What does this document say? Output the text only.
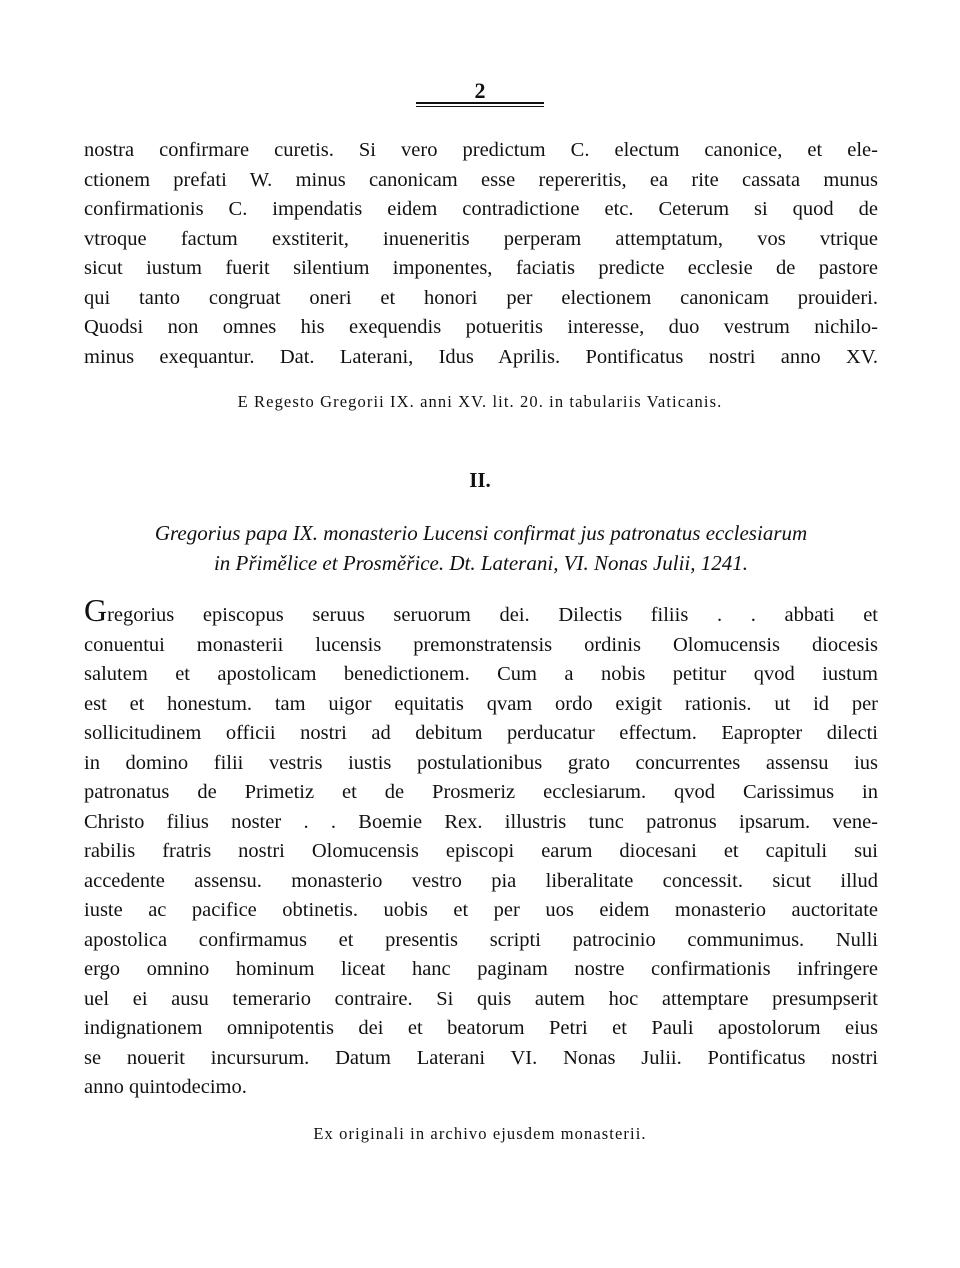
2
nostra confirmare curetis. Si vero predictum C. electum canonice, et ele-
ctionem prefati W. minus canonicam esse repereritis, ea rite cassata munus
confirmationis C. impendatis eidem contradictione etc. Ceterum si quod de
vtroque factum exstiterit, inueneritis perperam attemptatum, vos vtrique
sicut iustum fuerit silentium imponentes, faciatis predicte ecclesie de pastore
qui tanto congruat oneri et honori per electionem canonicam prouideri.
Quodsi non omnes his exequendis potueritis interesse, duo vestrum nichilo-
minus exequantur. Dat. Laterani, Idus Aprilis. Pontificatus nostri anno XV.
E Regesto Gregorii IX. anni XV. lit. 20. in tabulariis Vaticanis.
II.
Gregorius papa IX. monasterio Lucensi confirmat jus patronatus ecclesiarum
in Přimělice et Prosměřice. Dt. Laterani, VI. Nonas Julii, 1241.
Gregorius episcopus seruus seruorum dei. Dilectis filiis . . abbati et
conuentui monasterii lucensis premonstratensis ordinis Olomucensis diocesis
salutem et apostolicam benedictionem. Cum a nobis petitur qvod iustum
est et honestum. tam uigor equitatis qvam ordo exigit rationis. ut id per
sollicitudinem officii nostri ad debitum perducatur effectum. Eapropter dilecti
in domino filii vestris iustis postulationibus grato concurrentes assensu ius
patronatus de Primetiz et de Prosmeriz ecclesiarum. qvod Carissimus in
Christo filius noster . . Boemie Rex. illustris tunc patronus ipsarum. vene-
rabilis fratris nostri Olomucensis episcopi earum diocesani et capituli sui
accedente assensu. monasterio vestro pia liberalitate concessit. sicut illud
iuste ac pacifice obtinetis. uobis et per uos eidem monasterio auctoritate
apostolica confirmamus et presentis scripti patrocinio communimus. Nulli
ergo omnino hominum liceat hanc paginam nostre confirmationis infringere
uel ei ausu temerario contraire. Si quis autem hoc attemptare presumpserit
indignationem omnipotentis dei et beatorum Petri et Pauli apostolorum eius
se nouerit incursurum. Datum Laterani VI. Nonas Julii. Pontificatus nostri
anno quintodecimo.
Ex originali in archivo ejusdem monasterii.
